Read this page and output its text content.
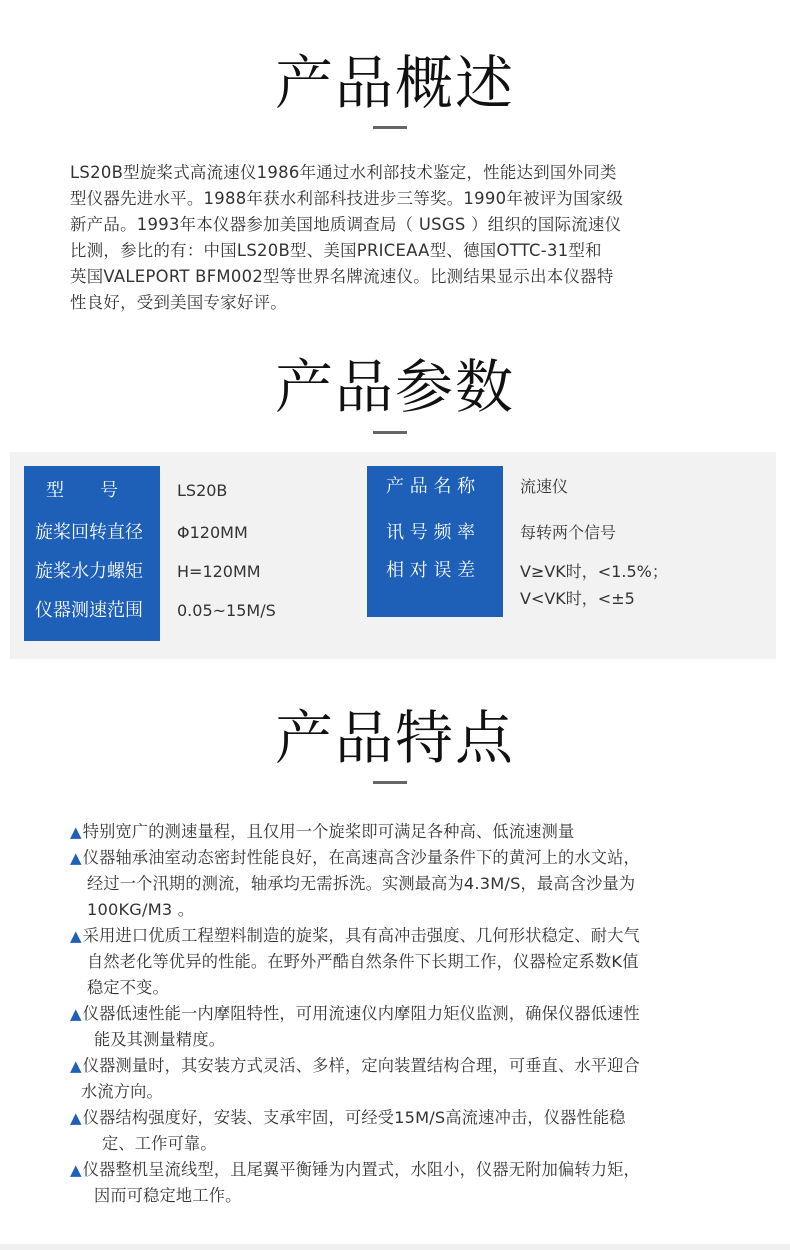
产品概述

LS20B型旋桨式高流速仪1986年通过水利部技术鉴定，性能达到国外同类

型仪器先进水平。1988年获水利部科技进步三等奖。1990年被评为国家级

新产品。1993年本仪器参加美国地质调查局（ USGS ）组织的国际流速仪

比测，参比的有：中国LS20B型、美国PRICEAA型、德国OTTC-31型和

英国VALEPORT BFM002型等世界名牌流速仪。比测结果显示出本仪器特

性良好，受到美国专家好评。

产品参数
型　　号
旋桨回转直径
旋桨水力螺矩
仪器测速范围
LS20B
Φ120MM
H=120MM
0.05~15M/S
产 品 名 称
讯 号 频 率
相 对 误 差
流速仪
每转两个信号
V≥VK时，<1.5%；
V<VK时，<±5
产品特点
▲特别宽广的测速量程，且仅用一个旋桨即可满足各种高、低流速测量
▲仪器轴承油室动态密封性能良好，在高速高含沙量条件下的黄河上的水文站，
经过一个汛期的测流，轴承均无需拆洗。实测最高为4.3M/S，最高含沙量为
100KG/M3 。
▲采用进口优质工程塑料制造的旋桨，具有高冲击强度、几何形状稳定、耐大气
自然老化等优异的性能。在野外严酷自然条件下长期工作，仪器检定系数K值
稳定不变。
▲仪器低速性能一内摩阻特性，可用流速仪内摩阻力矩仪监测，确保仪器低速性
能及其测量精度。
▲仪器测量时，其安装方式灵活、多样，定向装置结构合理，可垂直、水平迎合
水流方向。
▲仪器结构强度好，安装、支承牢固，可经受15M/S高流速冲击，仪器性能稳
定、工作可靠。
▲仪器整机呈流线型，且尾翼平衡锤为内置式，水阻小，仪器无附加偏转力矩，
因而可稳定地工作。
